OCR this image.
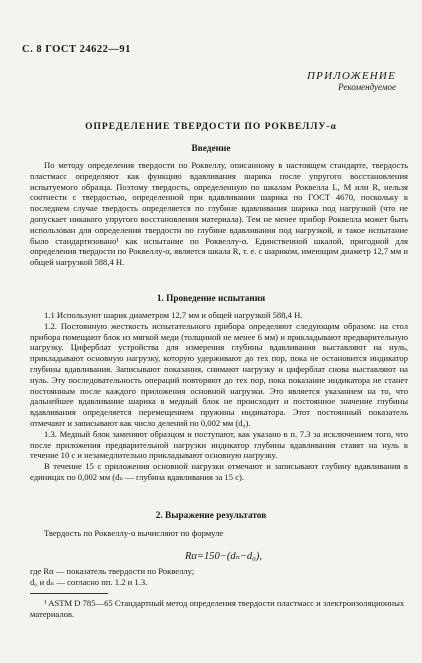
С. 8 ГОСТ 24622—91
ПРИЛОЖЕНИЕ
Рекомендуемое
ОПРЕДЕЛЕНИЕ ТВЕРДОСТИ ПО РОКВЕЛЛУ-α
Введение

По методу определения твердости по Роквеллу, описанному в настоящем стандарте, твердость пластмасс определяют как функцию вдавливания шарика после упругого восстановления испытуемого образца. Поэтому твердость, определенную по шкалам Роквелла L, M или R, нельзя соотнести с твердостью, определенной при вдавливании шарика по ГОСТ 4670, поскольку в последнем случае твердость определяется по глубине вдавливания шарика под нагрузкой (что не допускает никакого упругого восстановления материала). Тем не менее прибор Роквелла может быть использован для определения твердости по глубине вдавливания под нагрузкой, и такое испытание было стандартизовано¹ как испытание по Роквеллу-α. Единственной шкалой, пригодной для определения твердости по Роквеллу-α, является шкала R, т. е. с шариком, имеющим диаметр 12,7 мм и общей нагрузкой 588,4 Н.

1. Проведение испытания

1.1 Используют шарик диаметром 12,7 мм и общей нагрузкой 588,4 Н.

1.2. Постоянную жесткость испытательного прибора определяют следующим образом: на стол прибора помещают блок из мягкой меди (толщиной не менее 6 мм) и прикладывают предварительную нагрузку. Циферблат устройства для измерения глубины вдавливания выставляют на нуль, прикладывают основную нагрузку, которую удерживают до тех пор, пока не остановится индикатор глубины вдавливания. Записывают показания, снимают нагрузку и циферблат снова выставляют на нуль. Эту последовательность операций повторяют до тех пор, пока показание индикатора не станет постоянным после каждого приложения основной нагрузки. Это является указанием на то, что дальнейшее вдавливание шарика в медный блок не происходит и постоянное значение глубины вдавливания определяется перемещением пружины индикатора. Этот постоянный показатель отмечают и записывают как число делений по 0,002 мм (d₀).

1.3. Медный блок заменяют образцом и поступают, как указано в п. 7.3 за исключением того, что после приложения предварительной нагрузки индикатор глубины вдавливания ставят на нуль в течение 10 с и незамедлительно прикладывают основную нагрузку.

В течение 15 с приложения основной нагрузки отмечают и записывают глубину вдавливания в единицах по 0,002 мм (dₙ — глубина вдавливания за 15 с).

2. Выражение результатов

Твердость по Роквеллу-α вычисляют по формуле

Rα=150−(dₙ−d₀),

где Rα — показатель твердости по Роквеллу;

d₀ и dₙ — согласно пп. 1.2 и 1.3.

¹ ASTM D 785—65 Стандартный метод определения твердости пластмасс и электроизоляционных материалов.
